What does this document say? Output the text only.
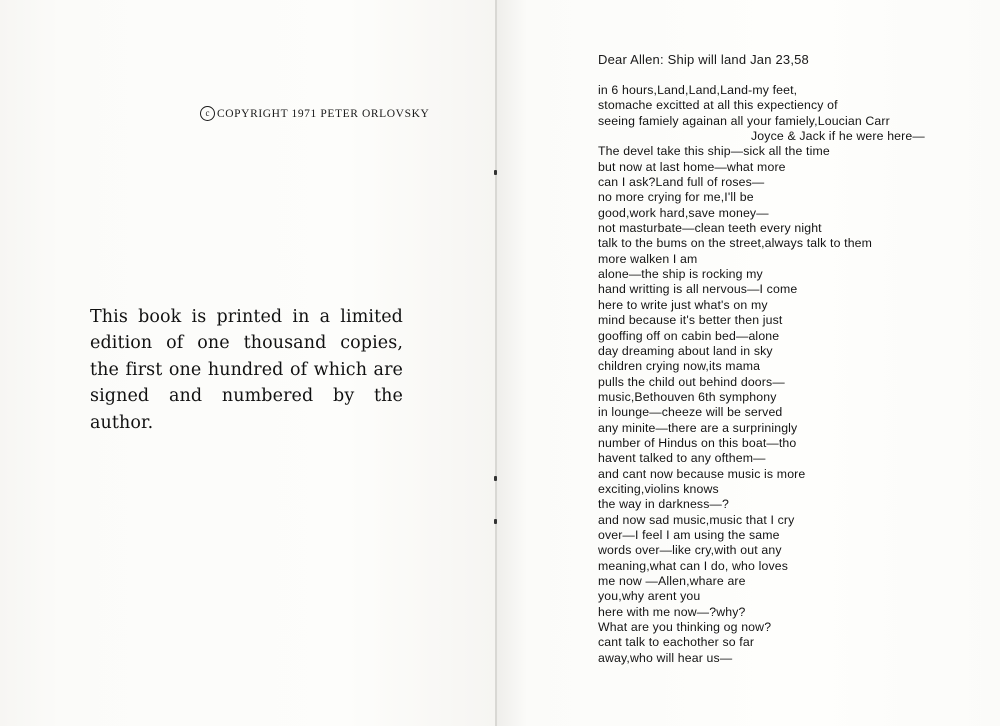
c COPYRIGHT 1971 PETER ORLOVSKY

This book is printed in a limited edition of one thousand copies, the first one hundred of which are signed and numbered by the author.

Dear Allen: Ship will land Jan 23,58
in 6 hours,Land,Land,Land-my feet,
stomache excitted at all this expectiency of
seeing famiely againan all your famiely,Loucian Carr
Joyce & Jack if he were here—
The devel take this ship—sick all the time
but now at last home—what more
can I ask?Land full of roses—
no more crying for me,I'll be
good,work hard,save money—
not masturbate—clean teeth every night
talk to the bums on the street,always talk to them
more walken I am
alone—the ship is rocking my
hand writting is all nervous—I come
here to write just what's on my
mind because it's better then just
gooffing off on cabin bed—alone
day dreaming about land in sky
children crying now,its mama
pulls the child out behind doors—
music,Bethouven 6th symphony
in lounge—cheeze will be served
any minite—there are a surpriningly
number of Hindus on this boat—tho
havent talked to any ofthem—
and cant now because music is more
exciting,violins knows
the way in darkness—?
and now sad music,music that I cry
over—I feel I am using the same
words over—like cry,with out any
meaning,what can I do, who loves
me now —Allen,whare are
you,why arent you
here with me now—?why?
What are you thinking og now?
cant talk to eachother so far
away,who will hear us—
